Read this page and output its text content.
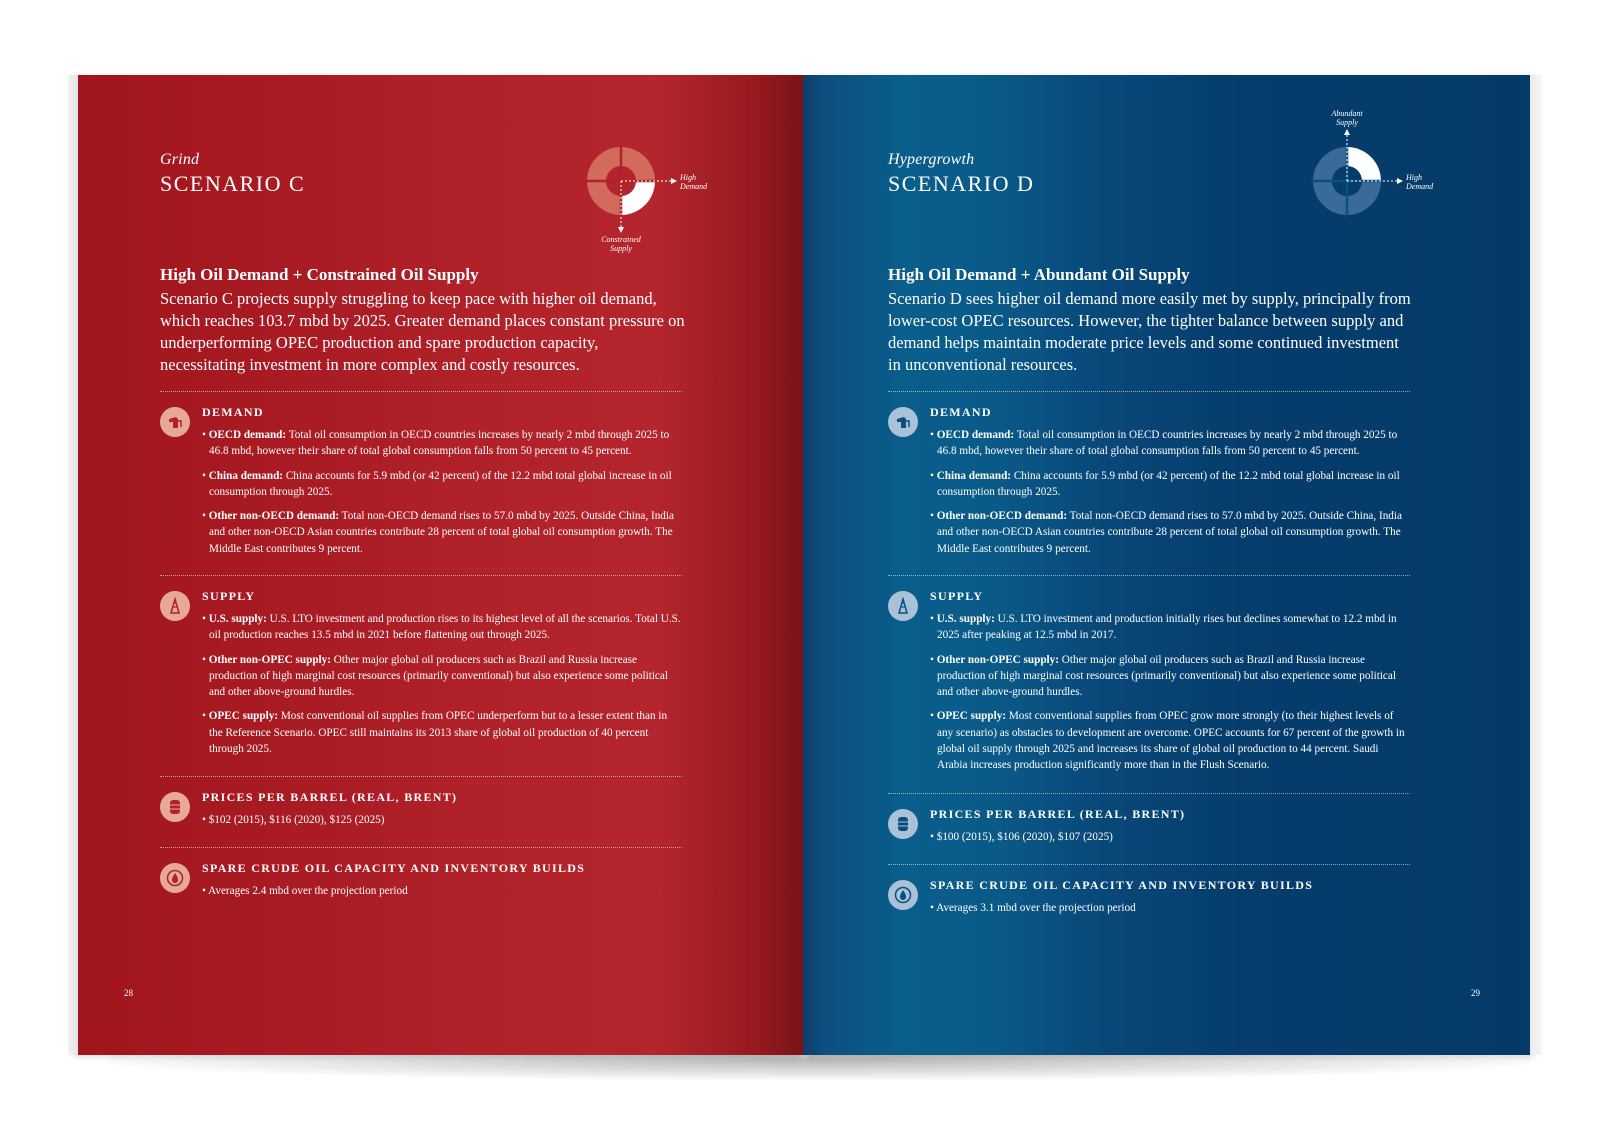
Grind
SCENARIO C	High
Demand
Constrained
Supply
High Oil Demand + Constrained Oil Supply
Scenario C projects supply struggling to keep pace with higher oil demand, which reaches 103.7 mbd by 2025. Greater demand places constant pressure on underperforming OPEC production and spare production capacity, necessitating investment in more complex and costly resources.
DEMAND
• OECD demand: Total oil consumption in OECD countries increases by nearly 2 mbd through 2025 to 46.8 mbd, however their share of total global consumption falls from 50 percent to 45 percent.
• China demand: China accounts for 5.9 mbd (or 42 percent) of the 12.2 mbd total global increase in oil consumption through 2025.
• Other non-OECD demand: Total non-OECD demand rises to 57.0 mbd by 2025. Outside China, India and other non-OECD Asian countries contribute 28 percent of total global oil consumption growth. The Middle East contributes 9 percent.
SUPPLY
• U.S. supply: U.S. LTO investment and production rises to its highest level of all the scenarios. Total U.S. oil production reaches 13.5 mbd in 2021 before flattening out through 2025.
• Other non-OPEC supply: Other major global oil producers such as Brazil and Russia increase production of high marginal cost resources (primarily conventional) but also experience some political and other above-ground hurdles.
• OPEC supply: Most conventional oil supplies from OPEC underperform but to a lesser extent than in the Reference Scenario. OPEC still maintains its 2013 share of global oil production of 40 percent through 2025.
PRICES PER BARREL (REAL, BRENT)
• $102 (2015), $116 (2020), $125 (2025)
SPARE CRUDE OIL CAPACITY AND INVENTORY BUILDS
• Averages 2.4 mbd over the projection period
28
Hypergrowth
SCENARIO D
Abundant
Supply
High
Demand
High Oil Demand + Abundant Oil Supply
Scenario D sees higher oil demand more easily met by supply, principally from lower-cost OPEC resources. However, the tighter balance between supply and demand helps maintain moderate price levels and some continued investment in unconventional resources.
DEMAND
• OECD demand: Total oil consumption in OECD countries increases by nearly 2 mbd through 2025 to 46.8 mbd, however their share of total global consumption falls from 50 percent to 45 percent.
• China demand: China accounts for 5.9 mbd (or 42 percent) of the 12.2 mbd total global increase in oil consumption through 2025.
• Other non-OECD demand: Total non-OECD demand rises to 57.0 mbd by 2025. Outside China, India and other non-OECD Asian countries contribute 28 percent of total global oil consumption growth. The Middle East contributes 9 percent.
SUPPLY
• U.S. supply: U.S. LTO investment and production initially rises but declines somewhat to 12.2 mbd in 2025 after peaking at 12.5 mbd in 2017.
• Other non-OPEC supply: Other major global oil producers such as Brazil and Russia increase production of high marginal cost resources (primarily conventional) but also experience some political and other above-ground hurdles.
• OPEC supply: Most conventional supplies from OPEC grow more strongly (to their highest levels of any scenario) as obstacles to development are overcome. OPEC accounts for 67 percent of the growth in global oil supply through 2025 and increases its share of global oil production to 44 percent. Saudi Arabia increases production significantly more than in the Flush Scenario.
PRICES PER BARREL (REAL, BRENT)
• $100 (2015), $106 (2020), $107 (2025)
SPARE CRUDE OIL CAPACITY AND INVENTORY BUILDS
• Averages 3.1 mbd over the projection period
29
